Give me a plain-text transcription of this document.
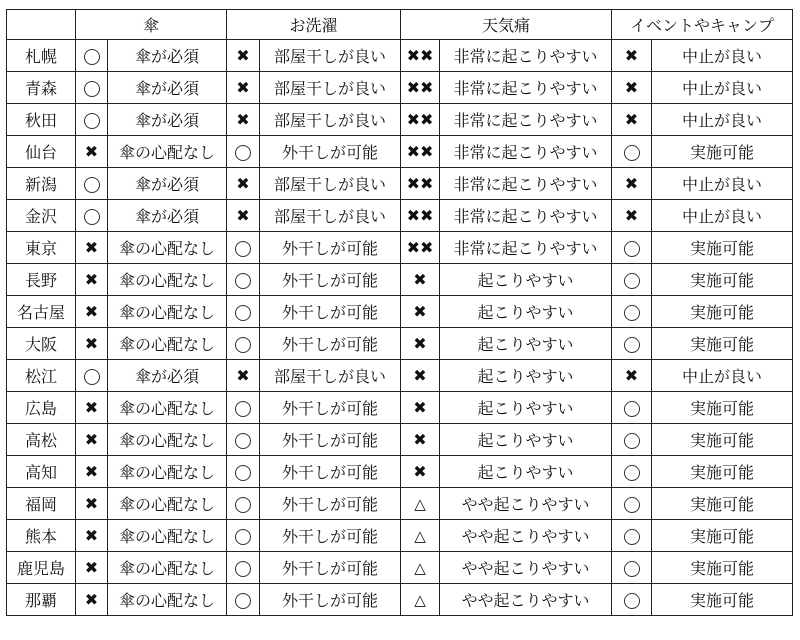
	傘		お洗濯		天気痛		イベントやキャンプ	
札幌		傘が必須	✖	部屋干しが良い	✖✖	非常に起こりやすい	✖	中止が良い
青森		傘が必須	✖	部屋干しが良い	✖✖	非常に起こりやすい	✖	中止が良い
秋田		傘が必須	✖	部屋干しが良い	✖✖	非常に起こりやすい	✖	中止が良い
仙台	✖	傘の心配なし		外干しが可能	✖✖	非常に起こりやすい		実施可能
新潟		傘が必須	✖	部屋干しが良い	✖✖	非常に起こりやすい	✖	中止が良い
金沢		傘が必須	✖	部屋干しが良い	✖✖	非常に起こりやすい	✖	中止が良い
東京	✖	傘の心配なし		外干しが可能	✖✖	非常に起こりやすい		実施可能
長野	✖	傘の心配なし		外干しが可能	✖	起こりやすい		実施可能
名古屋	✖	傘の心配なし		外干しが可能	✖	起こりやすい		実施可能
大阪	✖	傘の心配なし		外干しが可能	✖	起こりやすい		実施可能
松江		傘が必須	✖	部屋干しが良い	✖	起こりやすい	✖	中止が良い
広島	✖	傘の心配なし		外干しが可能	✖	起こりやすい		実施可能
高松	✖	傘の心配なし		外干しが可能	✖	起こりやすい		実施可能
高知	✖	傘の心配なし		外干しが可能	✖	起こりやすい		実施可能
福岡	✖	傘の心配なし		外干しが可能	△	やや起こりやすい		実施可能
熊本	✖	傘の心配なし		外干しが可能	△	やや起こりやすい		実施可能
鹿児島	✖	傘の心配なし		外干しが可能	△	やや起こりやすい		実施可能
那覇	✖	傘の心配なし		外干しが可能	△	やや起こりやすい		実施可能
